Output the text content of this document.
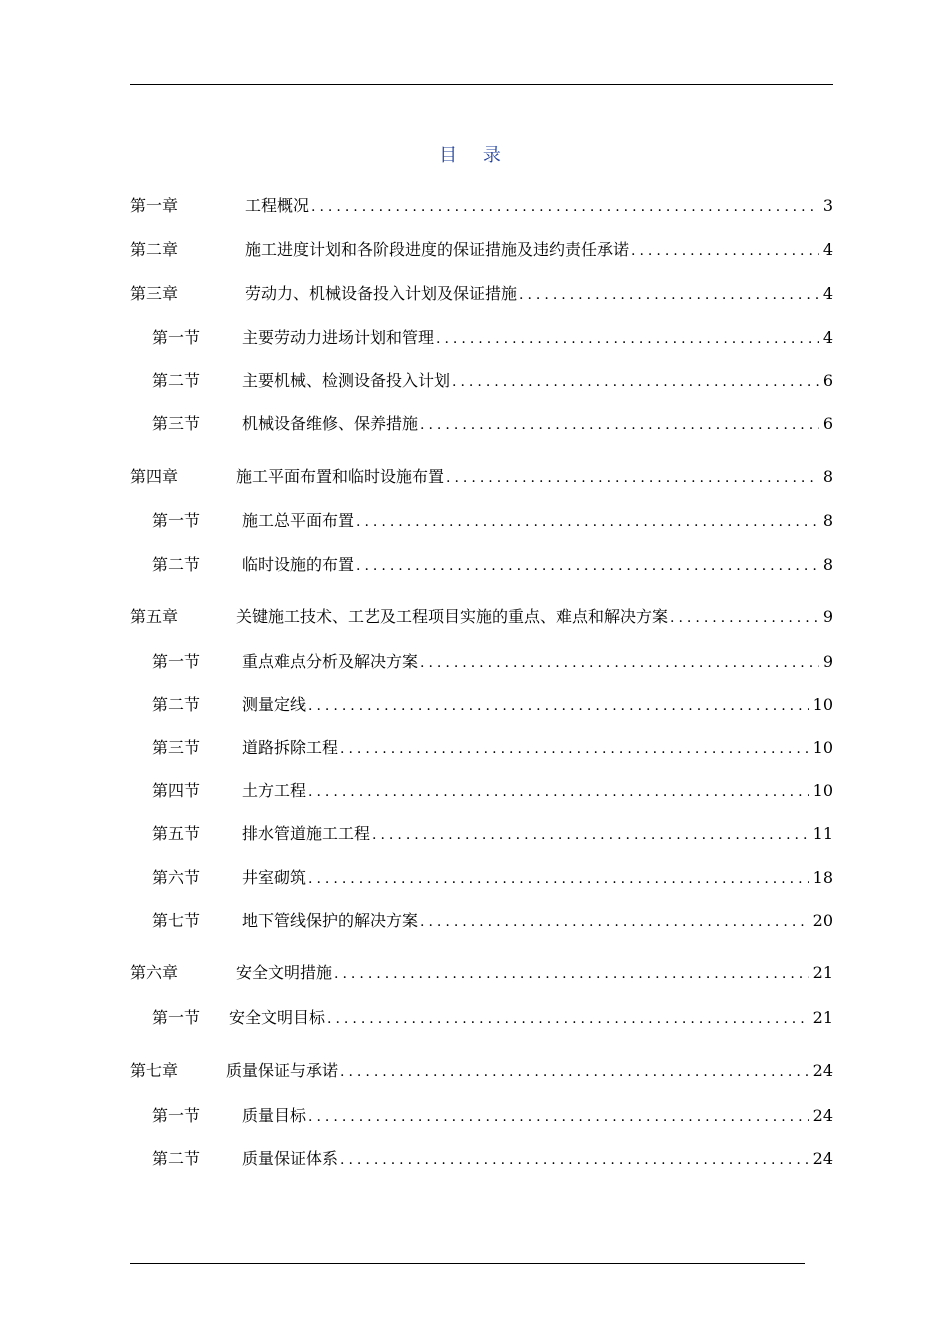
目 录
第一章	工程概况 .....	3
第二章	施工进度计划和各阶段进度的保证措施及违约责任承诺 .....	4
第三章	劳动力、机械设备投入计划及保证措施 .....	4
第一节	主要劳动力进场计划和管理 .....	4
第二节	主要机械、检测设备投入计划 .....	6
第三节	机械设备维修、保养措施 .....	6
第四章	施工平面布置和临时设施布置 .....	8
第一节	施工总平面布置 .....	8
第二节	临时设施的布置 .....	8
第五章	关键施工技术、工艺及工程项目实施的重点、难点和解决方案 .....	9
第一节	重点难点分析及解决方案 .....	9
第二节	测量定线 .....	10
第三节	道路拆除工程 .....	10
第四节	土方工程 .....	10
第五节	排水管道施工工程 .....	11
第六节	井室砌筑 .....	18
第七节	地下管线保护的解决方案 .....	20
第六章	安全文明措施 .....	21
第一节	安全文明目标 .....	21
第七章	质量保证与承诺 .....	24
第一节	质量目标 .....	24
第二节	质量保证体系 .....	24
